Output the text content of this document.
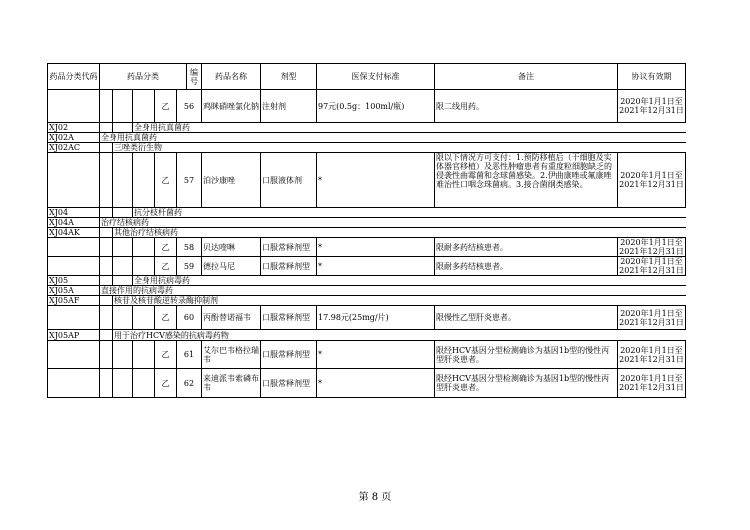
药品分类代码	药品分类					编号	药品名称	剂型	医保支付标准	备注	协议有效期
				乙	56		鸡眯硝唑氯化钠	注射剂	97元(0.5g：100ml/瓶)	限二线用药。	2020年1月1日至
2021年12月31日

XJ02			全身用抗真菌药								
XJ02A	全身用抗真菌药										
XJ02AC		三唑类衍生物									
				乙	57		泊沙康唑	口服液体剂	*	限以下情况方可支付：1.预防移植后（干细胞及实体器官移植）及恶性肿瘤患者有重度粒细胞缺乏的侵袭性曲霉菌和念球菌感染。2.伊曲康唑或氟康唑难治性口咽念珠菌病。3.接合菌纲类感染。	2020年1月1日至
2021年12月31日

XJ04			抗分枝杆菌药								
XJ04A	治疗结核病药										
XJ04AK		其他治疗结核病药									
				乙	58		贝达喹啉	口服常释剂型	*	限耐多药结核患者。	2020年1月1日至
2021年12月31日

				乙	59		德拉马尼	口服常释剂型	*	限耐多药结核患者。	2020年1月1日至
2021年12月31日

XJ05			全身用抗病毒药								
XJ05A	直接作用的抗病毒药										
XJ05AF		核苷及核苷酸逆转录酶抑制剂									
				乙	60		丙酚替诺福韦	口服常释剂型	17.98元(25mg/片)	限慢性乙型肝炎患者。	2020年1月1日至
2021年12月31日

XJ05AP		用于治疗HCV感染的抗病毒药物									
				乙	61		艾尔巴韦格拉瑞韦	口服常释剂型	*	限经HCV基因分型检测确诊为基因1b型的慢性丙型肝炎患者。	2020年1月1日至
2021年12月31日

				乙	62		来迪派韦索磷布韦	口服常释剂型	*	限经HCV基因分型检测确诊为基因1b型的慢性丙型肝炎患者。	2020年1月1日至
2021年12月31日
第 8 页
